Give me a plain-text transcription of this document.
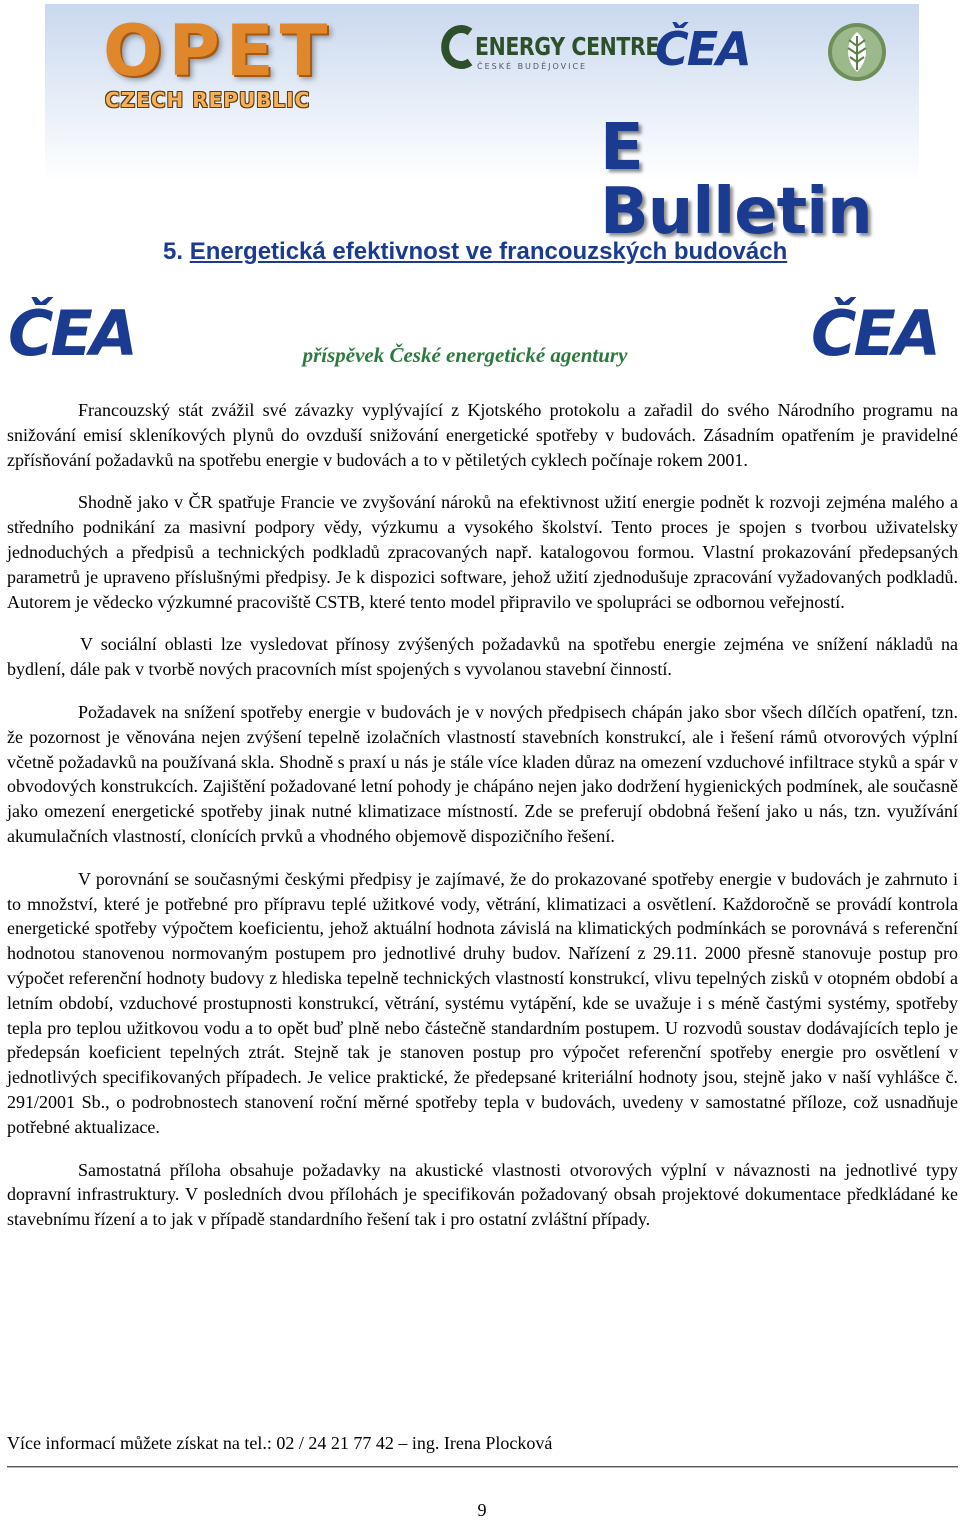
OPET
CZECH REPUBLIC
ENERGY CENTRE
ČESKÉ BUDĚJOVICE ČEA
E Bulletin
5. Energetická efektivnost ve francouzských budovách
ČEA	ČEA
příspěvek České energetické agentury

Francouzský stát zvážil své závazky vyplývající z Kjotského protokolu a zařadil do svého Národního programu na snižování emisí skleníkových plynů do ovzduší snižování energetické spotřeby v budovách. Zásadním opatřením je pravidelné zpřísňování požadavků na spotřebu energie v budovách a to v pětiletých cyklech počínaje rokem 2001.

Shodně jako v ČR spatřuje Francie ve zvyšování nároků na efektivnost užití energie podnět k rozvoji zejména malého a středního podnikání za masivní podpory vědy, výzkumu a vysokého školství. Tento proces je spojen s tvorbou uživatelsky jednoduchých a předpisů a technických podkladů zpracovaných např. katalogovou formou. Vlastní prokazování předepsaných parametrů je upraveno příslušnými předpisy. Je k dispozici software, jehož užití zjednodušuje zpracování vyžadovaných podkladů. Autorem je vědecko výzkumné pracoviště CSTB, které tento model připravilo ve spolupráci se odbornou veřejností.

V sociální oblasti lze vysledovat přínosy zvýšených požadavků na spotřebu energie zejména ve snížení nákladů na bydlení, dále pak v tvorbě nových pracovních míst spojených s vyvolanou stavební činností.

Požadavek na snížení spotřeby energie v budovách je v nových předpisech chápán jako sbor všech dílčích opatření, tzn. že pozornost je věnována nejen zvýšení tepelně izolačních vlastností stavebních konstrukcí, ale i řešení rámů otvorových výplní včetně požadavků na používaná skla. Shodně s praxí u nás je stále více kladen důraz na omezení vzduchové infiltrace styků a spár v obvodových konstrukcích. Zajištění požadované letní pohody je chápáno nejen jako dodržení hygienických podmínek, ale současně jako omezení energetické spotřeby jinak nutné klimatizace místností. Zde se preferují obdobná řešení jako u nás, tzn. využívání akumulačních vlastností, clonících prvků a vhodného objemově dispozičního řešení.

V porovnání se současnými českými předpisy je zajímavé, že do prokazované spotřeby energie v budovách je zahrnuto i to množství, které je potřebné pro přípravu teplé užitkové vody, větrání, klimatizaci a osvětlení. Každoročně se provádí kontrola energetické spotřeby výpočtem koeficientu, jehož aktuální hodnota závislá na klimatických podmínkách se porovnává s referenční hodnotou stanovenou normovaným postupem pro jednotlivé druhy budov. Nařízení z 29.11. 2000 přesně stanovuje postup pro výpočet referenční hodnoty budovy z hlediska tepelně technických vlastností konstrukcí, vlivu tepelných zisků v otopném období a letním období, vzduchové prostupnosti konstrukcí, větrání, systému vytápění, kde se uvažuje i s méně častými systémy, spotřeby tepla pro teplou užitkovou vodu a to opět buď plně nebo částečně standardním postupem. U rozvodů soustav dodávajících teplo je předepsán koeficient tepelných ztrát. Stejně tak je stanoven postup pro výpočet referenční spotřeby energie pro osvětlení v jednotlivých specifikovaných případech. Je velice praktické, že předepsané kriteriální hodnoty jsou, stejně jako v naší vyhlášce č. 291/2001 Sb., o podrobnostech stanovení roční měrné spotřeby tepla v budovách, uvedeny v samostatné příloze, což usnadňuje potřebné aktualizace.

Samostatná příloha obsahuje požadavky na akustické vlastnosti otvorových výplní v návaznosti na jednotlivé typy dopravní infrastruktury. V posledních dvou přílohách je specifikován požadovaný obsah projektové dokumentace předkládané ke stavebnímu řízení a to jak v případě standardního řešení tak i pro ostatní zvláštní případy.

Více informací můžete získat na tel.: 02 / 24 21 77 42 – ing. Irena Plocková
9
